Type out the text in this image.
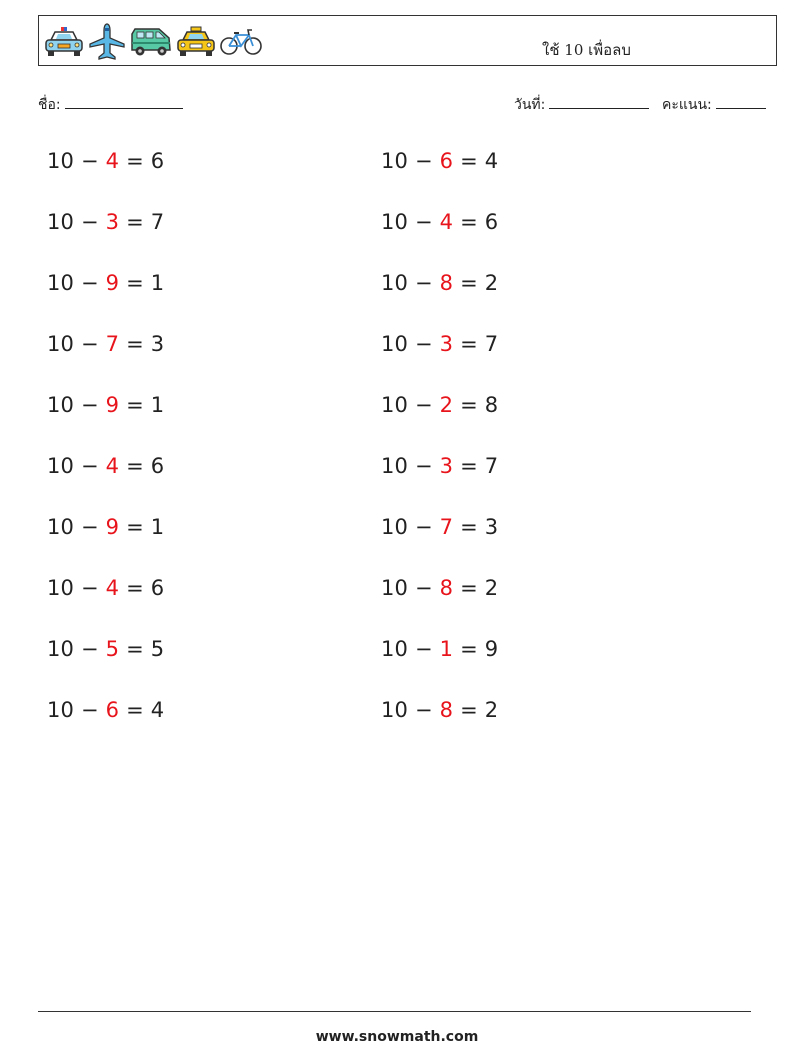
ใช้ 10 เพื่อลบ
ชื่อ:	วันที่:	คะแนน:
10 − 4 = 6
10 − 3 = 7
10 − 9 = 1
10 − 7 = 3
10 − 9 = 1
10 − 4 = 6
10 − 9 = 1
10 − 4 = 6
10 − 5 = 5
10 − 6 = 4
10 − 6 = 4
10 − 4 = 6
10 − 8 = 2
10 − 3 = 7
10 − 2 = 8
10 − 3 = 7
10 − 7 = 3
10 − 8 = 2
10 − 1 = 9
10 − 8 = 2
www.snowmath.com
